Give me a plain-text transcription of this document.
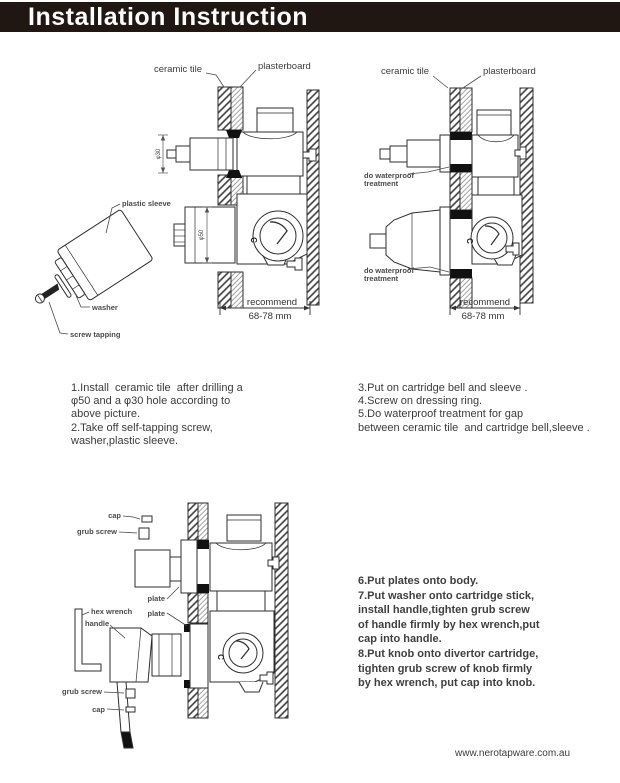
Installation Instruction
ceramic tile	plasterboard
plastic sleeve
washer
screw tapping
φ30
φ50	C
recommend
68-78 mm
ceramic tile	plasterboard
do waterproof
treatment
do waterproof
treatment
C
recommend
68-78 mm
1.Install  ceramic tile  after drilling a
φ50 and a φ30 hole according to
above picture.
2.Take off self-tapping screw,
washer,plastic sleeve.
3.Put on cartridge bell and sleeve .
4.Screw on dressing ring.
5.Do waterproof treatment for gap
between ceramic tile  and cartridge bell,sleeve .
cap
grub screw
plate
plate
hex wrench
handle
grub screw
cap
C
6.Put plates onto body.
7.Put washer onto cartridge stick,
install handle,tighten grub screw
of handle firmly by hex wrench,put
cap into handle.
8.Put knob onto divertor cartridge,
tighten grub screw of knob firmly
by hex wrench, put cap into knob.
www.nerotapware.com.au
